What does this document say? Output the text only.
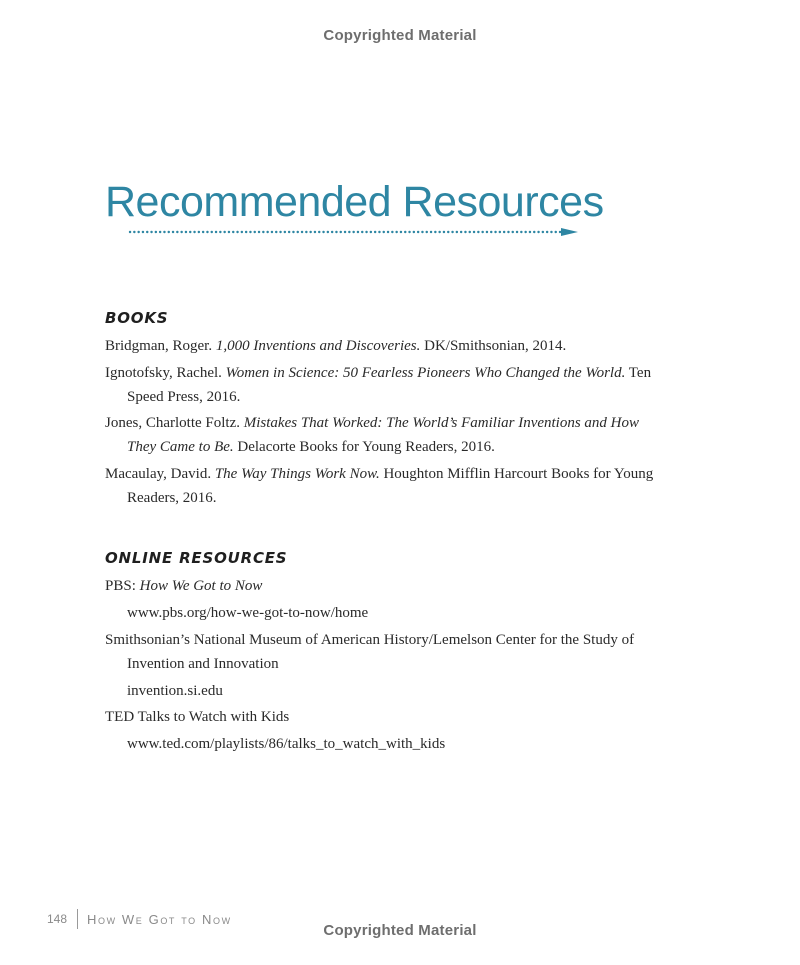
Copyrighted Material
Recommended Resources
BOOKS
Bridgman, Roger. 1,000 Inventions and Discoveries. DK/Smithsonian, 2014.
Ignotofsky, Rachel. Women in Science: 50 Fearless Pioneers Who Changed the World. Ten
Speed Press, 2016.
Jones, Charlotte Foltz. Mistakes That Worked: The World’s Familiar Inventions and How
They Came to Be. Delacorte Books for Young Readers, 2016.
Macaulay, David. The Way Things Work Now. Houghton Mifflin Harcourt Books for Young
Readers, 2016.
ONLINE RESOURCES
PBS: How We Got to Now
www.pbs.org/how-we-got-to-now/home
Smithsonian’s National Museum of American History/Lemelson Center for the Study of
Invention and Innovation
invention.si.edu
TED Talks to Watch with Kids
www.ted.com/playlists/86/talks_to_watch_with_kids
148 How We Got to Now
Copyrighted Material
